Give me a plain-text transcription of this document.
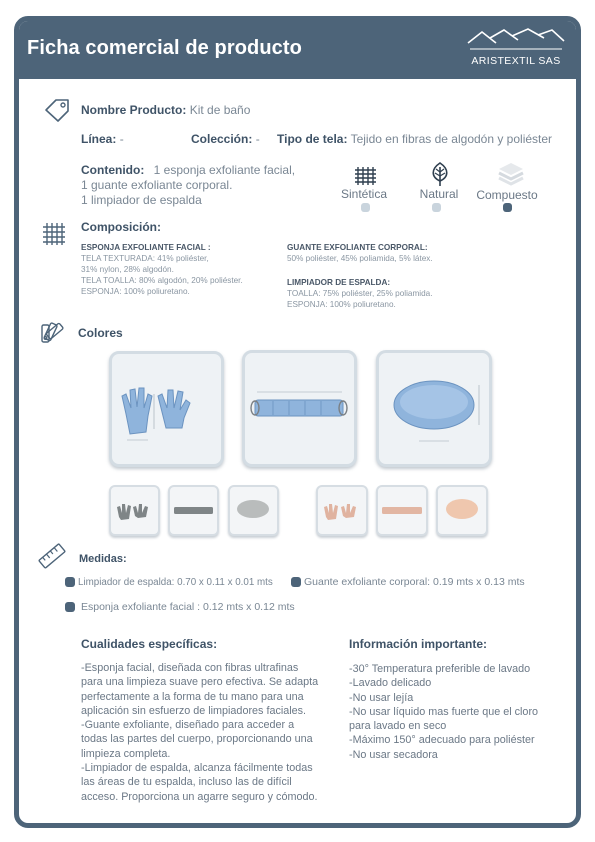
Ficha comercial de producto
ARISTEXTIL SAS
Nombre Producto: Kit de baño
Línea: -	Colección: - Tipo de tela: Tejido en fibras de algodón y poliéster
Contenido: 1 esponja exfoliante facial,
1 guante exfoliante corporal.
1 limpiador de espalda	Sintética	Natural	Compuesto
Composición:
ESPONJA EXFOLIANTE FACIAL :
TELA TEXTURADA: 41% poliéster,
31% nylon, 28% algodón.
TELA TOALLA: 80% algodón, 20% poliéster.
ESPONJA: 100% poliuretano.
GUANTE EXFOLIANTE CORPORAL:
50% poliéster, 45% poliamida, 5% látex.
LIMPIADOR DE ESPALDA:
TOALLA: 75% poliéster, 25% poliamida.
ESPONJA: 100% poliuretano.
Colores
Medidas:
Limpiador de espalda: 0.70 x 0.11 x 0.01 mts	Guante exfoliante corporal: 0.19 mts x 0.13 mts
Esponja exfoliante facial : 0.12 mts x 0.12 mts
Cualidades específicas:
-Esponja facial, diseñada con fibras ultrafinas
para una limpieza suave pero efectiva. Se adapta
perfectamente a la forma de tu mano para una
aplicación sin esfuerzo de limpiadores faciales.
-Guante exfoliante, diseñado para acceder a
todas las partes del cuerpo, proporcionando una
limpieza completa.
-Limpiador de espalda, alcanza fácilmente todas
las áreas de tu espalda, incluso las de difícil
acceso. Proporciona un agarre seguro y cómodo.
Información importante:
-30° Temperatura preferible de lavado
-Lavado delicado
-No usar lejía
-No usar líquido mas fuerte que el cloro
para lavado en seco
-Máximo 150° adecuado para poliéster
-No usar secadora
